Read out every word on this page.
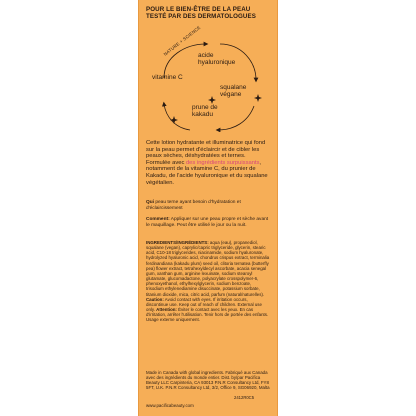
POUR LE BIEN-ÊTRE DE LA PEAU
TESTÉ PAR DES DERMATOLOGUES
NATURE + SCIENCE
acide hyaluronique
vitamine C
squalane végane
prune de kakadu
Cette lotion hydratante et illuminatrice qui fond sur la peau permet d'éclaircir et de cibler les peaux sèches, déshydratées et ternes. Formulée avec des ingrédients surpuissants, notamment de la vitamine C, du prunier de Kakadu, de l'acide hyaluronique et du squalane végétalien.
Qui peau terne ayant besoin d'hydratation et d'éclaircissement
Comment: Appliquer sur une peau propre et sèche avant le maquillage. Peut être utilisé le jour ou la nuit.
INGREDIENTS/INGRÉDIENTS: aqua (eau), propanediol, squalane (vegan), caprylic/capric triglyceride, glycerin, stearic acid, C10-18 triglycerides, niacinamide, sodium hyaluronate, hydrolyzed hyaluronic acid, chondrus crispus extract, terminalia ferdinandiana (kakadu plum) seed oil, clitoria ternatea (butterfly pea) flower extract, tetrahexyldecyl ascorbate, acacia senegal gum, xanthan gum, arginine lexuinate, sodium stearoyl glutamate, glucomadactone, polyacrylate crosspolymer-6, phenoxyethanol, ethylhexylglycerin, sodium benzoate, trisodium ethylenediamine disuccinate, potassium sorbate, titanium dioxide, mica, citric acid, parfum (natural/naturelles). Caution: Avoid contact with eyes. If irritation occurs, discontinue use. Keep out of reach of children. External use only. Attention: Éviter le contact avec les yeux. En cas d'irritation, arrêter l'utilisation. Tenir hors de portée des enfants. Usage externe uniquement.
Made in Canada with global ingredients. Fabriqué aux Canada avec des ingrédients du monde entier. Dist. by/par Pacifica Beauty LLC Carpinteria, CA 93013 P.N.R Consultancy Ltd, FY8 5FT, U.K. P.N.R Consultancy Ltd, 3/2, Office 9, SG06920, Malta
2412R0C5
www.pacificabeauty.com
